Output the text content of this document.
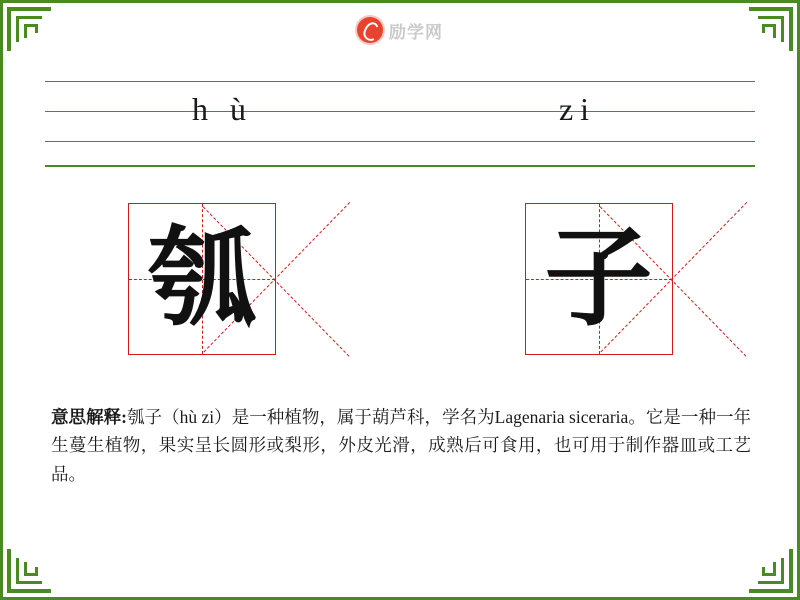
励学网
h ù	zi
瓠	子
意思解释:瓠子（hù zi）是一种植物，属于葫芦科，学名为Lagenaria siceraria。它是一种一年生蔓生植物，果实呈长圆形或梨形，外皮光滑，成熟后可食用，也可用于制作器皿或工艺品。
